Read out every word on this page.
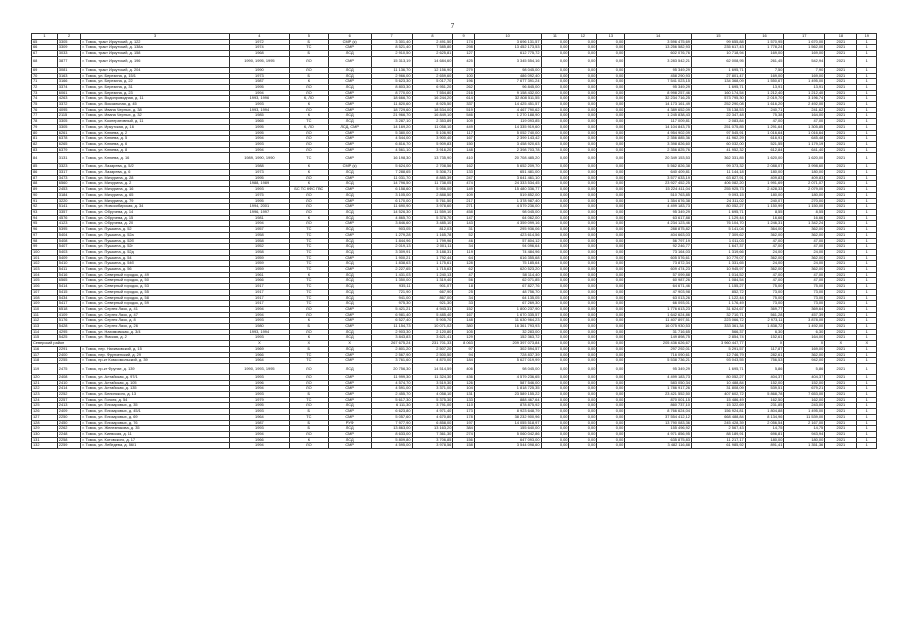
7
1	2	3	4	5	6	7	8	9	10	11	12	13	14	15	16	17	18	19
65	3305	г. Томск, тракт Иркутский, д. 122	1972	Б	СМР (к)	3 301,40	2 491,50	174	3 696 131,57	0,00	0,00	0,00	3 596 475,69	99 655,88	1 570,95	1 670,00	2021	1
66	3309	г. Томск, тракт Иркутский, д. 138а	1974	ТС	СМР	8 521,40	7 585,80	298	13 452 173,53	0,00	0,00	0,00	13 256 582,93	235 617,43	1 778,24	1 562,00	2021	1
67	3033	г. Томск, тракт Иркутский, д. 158	1968	Б	ЛСД	2 910,50	2 625,81	127	612 775,72	0,00	0,00	0,00	602 076,76	10 718,94	169,00	169,00	2021	1
68	3877	г. Томск, тракт Иркутский, д. 196	1990, 1995, 1995	ЛО	СМР	15 313,19	14 684,60	425	3 345 554,16	0,00	0,00	0,00	3 283 542,21	62 008,95	261,45	542,94	2021	1
69	3081	г. Томск, тракт Иркутский, д. 204	1990	ЛО	ЛСД	11 136,70	12 156,90	279	98 045,00	0,00	0,00	0,00	95 349,29	1 695,71	7,50	7,90	2021	1
70	3163	г. Томск, ул. Березина, д. 15/1	1973	Б	ЛСД	2 966,00	2 659,60	100	486 092,40	0,00	0,00	0,00	458 290,93	27 801,47	169,00	169,00	2021	1
71	3166	г. Томск, ул. Березина, д. 22	1987	К	СМР	5 623,30	5 017,70	196	7 677 391,24	0,00	0,00	0,00	7 541 023,15	134 368,09	1 550,67	1 495,00	2021	1
72	3374	г. Томск, ул. Березина, д. 31	1995	ЛО	ЛСД	8 803,30	6 951,20	262	96 845,00	0,00	0,00	0,00	95 349,29	1 695,71	13,91	13,91	2021	1
73	6061	г. Томск, ул. Березина, д. 23	1994	ЛО	СМР	8 770,00	7 554,80	216	9 158 432,00	0,00	0,00	0,00	8 998 257,46	160 174,54	1 212,40	1 212,40	2021	1
74	4263	г. Томск, ул. Водопроводная, д. 11	1993, 1996	К, ЛО	СМР	18 666,70	16 244,20	614	32 808 511,55	0,00	0,00	0,00	32 234 716,25	573 795,30	2 019,70	3 196,74	2021	1
75	3372	г. Томск, ул. Вокзальная, д. 45	1993	К	СМР	11 820,60	8 925,50	337	14 425 451,57	0,00	0,00	0,00	14 173 161,49	252 290,08	1 616,20	2 492,00	2021	1
76	4095	г. Томск, ул. Ивана Черных, д. 38	1993, 1994	ЛО	СМР	18 729,60	18 534,00	519	4 467 790,62	0,00	0,00	0,00	4 389 652,09	78 138,53	240,71	241,62	2021	1
77	2115	г. Томск, ул. Ивана Черных, д. 32	1985	К	ЛСД	21 966,70	16 849,10	546	1 270 188,90	0,00	0,00	0,00	1 245 838,43	22 347,48	75,38	164,00	2021	1
78	3305	г. Томск, ул. Кооперативный, д. 11	1965	ТС	ЛСД	3 287,10	2 353,89	109	119 093,85	0,00	0,00	0,00	117 009,81	2 083,84	47,00	47,00	2021	1
79	3305	г. Томск, ул. Иркутская, д. 16	1995	К, ЛО	ЛСД, СМР	14 169,20	11 058,10	449	14 335 919,60	0,00	0,00	0,00	14 104 843,75	251 075,85	1 291,64	1 305,85	2021	1
80	6261	г. Томск, ул. Клюева, д. 2	1995	ЛО	СМР	5 380,00	5 106,90	117	5 052 740,00	0,00	0,00	0,00	4 954 902,09	97 545,91	1 016,64	1 016,64	2021	1
81	6378	г. Томск, ул. Клюева, д. 5	1994	ЛО	СМР	4 544,00	3 900,40	167	2 399 143,42	0,00	0,00	0,00	2 356 885,36	41 962,29	616,91	645,48	2021	1
82	6265	г. Томск, ул. Клюева, д. 6	1993	ЛО	СМР	6 816,70	5 909,83	150	3 458 920,63	0,00	0,00	0,00	3 398 826,60	60 032,00	521,55	1 179,19	2021	1
83	6379	г. Томск, ул. Клюева, д. 8	1994	ЛО	СМР	4 561,10	3 916,20	148	2 398 703,78	0,00	0,00	0,00	2 356 825,76	41 952,32	612,84	641,40	2021	1
84	3131	г. Томск, ул. Клюева, д. 16	1989, 1990, 1990	ТС	СМР	16 198,30	13 735,90	410	20 708 485,20	0,00	0,00	0,00	20 349 153,53	362 331,85	1 620,00	1 620,00	2021	1
85	3323	г. Томск, ул. Лазарева, д. 5/2	1988	К	СМР (к)	5 624,00	2 708,56	162	5 652 209,70	0,00	0,00	0,00	5 562 826,38	99 373,32	2 088,07	3 998,60	2021	1
86	3317	г. Томск, ул. Лазарева, д. 6	1973	К	ЛСД	7 288,65	5 308,71	133	651 481,00	0,00	0,00	0,00	640 409,81	11 144,18	180,00	180,00	2021	1
87	3473	г. Томск, ул. Мичурина, д. 28	1995	ЛО	СМР	11 031,70	8 885,39	247	3 641 461,10	0,00	0,00	0,00	3 577 633,19	63 827,91	409,83	409,83	2021	1
88	6560	г. Томск, ул. Мичурина, д. 2	1988, 1989	К	ЛСД	14 796,50	11 738,05	474	24 333 534,45	0,00	0,00	0,00	23 927 452,25	406 082,20	1 991,69	2 071,07	2021	1
89	2453	г. Томск, ул. Мичурина, д. 16	1993	БС ТС КФС ГВС	СМР	6 158,60	5 956,00	149	15 480 336,77	0,00	0,00	0,00	15 224 411,04	255 925,73	2 428,33	2 079,00	2021	1
90	3184	г. Томск, ул. Мичурина, д. 65	1975	ЛО	ЛСД	3 105,00	2 888,50	109	519 852,00	0,00	0,00	0,00	510 763,85	9 093,15	180,00	180,00	2021	1
91	3220	г. Томск, ул. Мичурина, д. 79	1995	ЛО	СМР	6 170,00	5 761,50	217	1 378 987,40	0,00	0,00	0,00	1 354 676,38	24 311,02	240,07	270,00	2021	1
92	5141	г. Томск, ул. Новосибирская, д. 34	1994, 2001	ЛО	СМР	11 690,90	3 978,60	271	4 579 236,00	0,00	0,00	0,00	4 499 183,73	80 052,27	1 150,99	1 150,00	2021	1
93	3357	г. Томск, ул. Обручева, д. 14	1996, 1997	ЛО	ЛСД	14 526,30	11 559,10	458	98 045,00	0,00	0,00	0,00	95 349,29	1 695,71	8,55	8,55	2021	1
94	4576	г. Томск, ул. Обручева, д. 15	1981	К	ЛСД	4 865,70	5 378,70	147	64 062,00	0,00	0,00	0,00	63 617,88	1 129,44	16,66	16,66	2021	1
95	4123	г. Томск, ул. Обручева, д. 20	1994	ЛО	СМР	3 846,60	3 485,10	143	4 359 099,16	0,00	0,00	0,00	4 234 123,46	76 104,70	1 246,31	1 342,24	2021	1
96	5395	г. Томск, ул. Пушкина, д. 52	1957	ТС	ЛСД	903,05	812,03	31	295 936,06	0,00	0,00	0,00	288 875,82	5 141,04	364,00	362,00	2021	1
97	5404	г. Томск, ул. Пушкина, д. 52а	1958	ТС	СМР	1 279,28	1 165,78	52	423 614,56	0,00	0,00	0,00	404 663,03	7 309,62	362,00	362,00	2021	1
98	5408	г. Томск, ул. Пушкина, д. 52б	1958	ТС	ЛСД	1 844,96	1 799,96	46	57 804,12	0,00	0,00	0,00	56 797,19	1 011,03	47,00	47,00	2021	1
99	5407	г. Томск, ул. Пушкина, д. 52г	1952	ТС	ЛСД	2 019,13	2 001,11	34	94 096,64	0,00	0,00	0,00	92 246,77	1 647,37	47,00	47,00	2021	1
100	5403	г. Томск, ул. Пушкина, д. 52д	1958	ТС	ЛСД	3 309,91	3 188,31	119	74 484,96	0,00	0,00	0,00	73 164,03	1 319,66	24,00	24,00	2021	1
101	5409	г. Томск, ул. Пушкина, д. 54	1959	ТС	СМР	1 900,21	1 792,44	64	616 355,68	0,00	0,00	0,00	605 576,61	10 779,07	362,00	362,00	2021	1
102	5410	г. Томск, ул. Пушкина, д. 54б	1959	ТС	ЛСД	1 838,63	1 175,61	128	75 185,64	0,00	0,00	0,00	73 872,34	1 331,65	24,00	24,00	2021	1
103	5411	г. Томск, ул. Пушкина, д. 56	1959	ТС	СМР	2 227,65	1 715,63	62	620 523,20	0,00	0,00	0,00	609 474,23	10 945,97	362,00	362,00	2021	1
104	5416	г. Томск, ул. Северный городок, д. 49	1961	К	ЛСД	1 431,03	1 240,13	47	58 114,40	0,00	0,00	0,00	57 099,88	1 014,52	47,00	47,00	2021	1
105	6565	г. Томск, ул. Северный городок, д. 50	1966	ТС	ЛСД	1 350,00	1 319,40	56	62 071,85	0,00	0,00	0,00	60 987,26	1 084,54	47,00	47,00	2021	1
106	5414	г. Томск, ул. Северный городок, д. 53	1917	ТС	ЛСД	935,11	901,07	18	67 827,76	0,00	0,00	0,00	64 671,46	1 155,27	75,00	75,00	2021	1
107	5415	г. Томск, ул. Северный городок, д. 55	1917	ТС	ЛСД	721,90	667,90	25	48 756,70	0,00	0,00	0,00	47 903,98	852,72	73,00	73,00	2021	1
108	5434	г. Томск, ул. Северный городок, д. 58	1917	ТС	ЛСД	941,00	867,00	34	64 135,05	0,00	0,00	0,00	63 013,26	1 122,44	75,00	73,00	2021	1
109	5417	г. Томск, ул. Северный городок, д. 59	1917	ТС	ЛСД	975,30	921,30	33	67 269,30	0,00	0,00	0,00	66 093,01	1 176,49	73,00	73,00	2021	1
110	6518	г. Томск, ул. Сергея Лазо, д. 41	1994	ЛО	СМР	5 421,21	4 943,31	152	1 800 237,90	0,00	0,00	0,00	1 776 613,23	31 624,67	369,77	369,64	2021	1
111	4109	г. Томск, ул. Сергея Лазо, д. 47	1994	ЛО	СМР	6 981,40	5 485,40	167	1 670 335,57	0,00	0,00	0,00	1 642 624,86	32 710,71	561,28	457,39	2021	1
112	5176	г. Томск, ул. Сергея Лазо, д. 8	1993	К	СМР	6 527,40	5 905,70	148	11 630 964,23	0,00	0,00	0,00	11 407 897,51	223 066,72	2 973,11	3 878,00	2021	1
113	5428	г. Томск, ул. Сергея Лазо, д. 26	1980	Б	СМР	11 154,73	10 071,02	380	16 361 793,93	0,00	0,00	0,00	16 075 930,53	333 361,34	1 838,72	1 492,00	2021	1
114	4295	г. Томск, ул. Нахимовская, д. 3/4	1993, 1994	ЛО	ЛСД	2 903,30	2 120,80	105	32 283,00	0,00	0,00	0,00	31 716,65	566,37	6,30	6,30	2021	1
115	5425	г. Томск, ул. Ямская, д. 2	1993	К	ЛСД	3 843,83	3 621,41	129	152 363,72	0,00	0,00	0,00	149 898,75	2 854,74	152,61	164,00	2021	1
Северский район			X	X	X	267 675,24	231 701,33	8 063	209 397 073,84	0,00	0,00	0,00	205 436 626,67	3 960 447,77	X	X	X	X
116	2291	г. Томск, пер. Нахимовский, д. 15	1969	Б	ЛСД	2 801,20	2 507,20	97	302 594,57	0,00	0,00	0,00	297 292,01	5 291,57	117,87	169,00	2021	1
117	2400	г. Томск, пер. Фрунзенский, д. 29	1966	ТС	СМР	2 567,90	2 500,50	94	728 837,39	0,00	0,00	0,00	716 090,61	12 746,79	282,61	362,00	2021	1
118	2255	г. Томск, пр-кт Комсомольский, д. 39	1964	ТС	СМР	3 761,60	4 870,00	184	5 627 019,99	0,00	0,00	0,00	5 538 736,21	93 043,55	756,53	942,00	2021	1
119	2475	г. Томск, пр-кт Фрунзе, д. 139	1990, 1993, 1995	ЛО	ЛСД	20 756,30	14 514,59	406	98 045,00	0,00	0,00	0,00	95 349,29	1 695,71	5,86	5,86	2021	1
120	2408	г. Томск, ул. Алтайская, д. 97/1	1993	ЛО	СМР	11 999,30	11 324,30	436	4 579 236,65	0,00	0,00	0,00	4 499 183,73	80 052,27	404,37	404,37	2021	1
121	2410	г. Томск, ул. Алтайская, д. 105	1996	ЛО	СМР	4 574,70	3 519,30	126	587 546,00	0,00	0,00	0,00	583 050,34	10 488,84	152,00	152,00	2021	1
122	2414	г. Томск, ул. Алтайская, д. 135	1994	ЛО	СМР	4 591,00	3 371,00	104	1 818 725,35	0,00	0,00	0,00	1 786 917,26	31 808,09	539,51	679,21	2021	1
123	2252	г. Томск, ул. Белинского, д. 13	1993	Б	СМР	2 455,70	4 058,10	131	23 589 155,22	0,00	0,00	0,00	23 421 552,50	407 602,72	5 868,78	7 653,00	2021	1
124	2257	г. Томск, ул. Гоголя, д. 54	1979	ТС	СМР	5 617,30	5 375,30	133	888 467,64	0,00	0,00	0,00	870 001,15	15 486,49	162,50	162,00	2021	1
125	2413	г. Томск, ул. Елизаровых, д. 35	1995	ЛО	ЛСД	6 111,30	3 791,00	110	878 875,92	0,00	0,00	0,00	860 737,10	15 322,69	231,85	243,00	2021	1
126	2409	г. Томск, ул. Елизаровых, д. 45/1	1993	Б	СМР	6 623,80	4 971,40	173	8 923 648,79	0,00	0,00	0,00	8 766 624,04	156 924,81	1 804,88	1 495,00	2021	1
127	2250	г. Томск, ул. Елизаровых, д. 69	1964	ТС	СМР	5 057,60	4 670,80	178	38 232 900,96	0,00	0,00	0,00	37 554 412,12	668 488,84	8 134,96	11 539,00	2021	1
128	2450	г. Томск, ул. Елизаровых, д. 76	1987	Б	РУФ	7 977,90	6 858,00	197	14 055 518,97	0,00	0,00	0,00	13 790 083,36	245 428,39	2 056,54	2 167,00	2021	1
129	2262	г. Томск, ул. Железнякова, д. 35	1993	Б	ЛСД	13 863,00	13 163,20	384	155 640,00	0,00	0,00	0,00	155 496,92	2 567,43	14,75	14,75	2021	1
130	2248	г. Томск, ул. Киевская, д. 11	1994	ЛО	СМР	8 633,00	7 361,30	274	5 060 042,86	0,00	0,00	0,00	4 971 856,95	88 189,91	696,81	943,94	2021	1
131	2258	г. Томск, ул. Котовского, д. 17	1966	К	ЛСД	5 809,80	3 706,85	156	647 093,00	0,00	0,00	0,00	635 875,83	11 217,17	180,00	180,00	2021	1
132	2259	г. Томск, ул. Лебедева, д. 56/1	1994	ЛО	СМР	4 595,00	3 978,56	158	3 544 098,60	0,00	0,00	0,00	3 482 116,88	61 985,92	891,41	1 351,36	2021	1
